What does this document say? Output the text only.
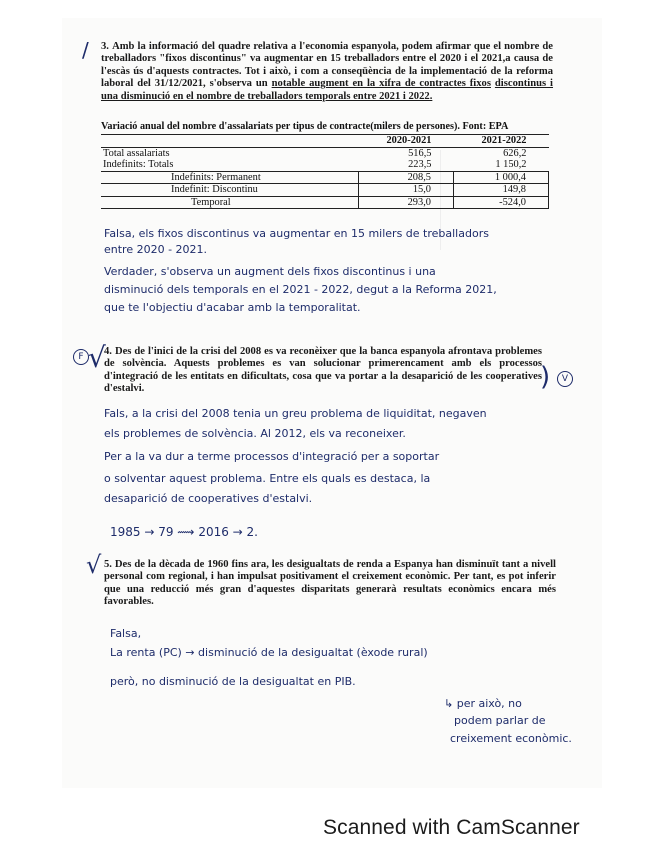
/ 3. Amb la informació del quadre relativa a l'economia espanyola, podem afirmar que el nombre de treballadors "fixos discontinus" va augmentar en 15 treballadors entre el 2020 i el 2021,a causa de l'escàs ús d'aquests contractes. Tot i això, i com a conseqüència de la implementació de la reforma laboral del 31/12/2021, s'observa un notable augment en la xifra de contractes fixos discontinus i una disminució en el nombre de treballadors temporals entre 2021 i 2022.
Variació anual del nombre d'assalariats per tipus de contracte(milers de persones). Font: EPA
	2020-2021	2021-2022
Total assalariats	516,5	626,2
Indefinits: Totals	223,5	1 150,2
Indefinits: Permanent	208,5	1 000,4
Indefinit: Discontinu	15,0	149,8
Temporal	293,0	-524,0
Falsa, els fixos discontinus va augmentar en 15 milers de treballadors
entre 2020 - 2021.
Verdader, s'observa un augment dels fixos discontinus i una
disminució dels temporals en el 2021 - 2022, degut a la Reforma 2021,
que te l'objectiu d'acabar amb la temporalitat.
F √
4. Des de l'inici de la crisi del 2008 es va reconèixer que la banca espanyola afrontava problemes de solvència. Aquests problemes es van solucionar primerencament amb els processos d'integració de les entitats en dificultats, cosa que va portar a la desaparició de les cooperatives d'estalvi.	)	V
Fals, a la crisi del 2008 tenia un greu problema de liquiditat, negaven
els problemes de solvència. Al 2012, els va reconeixer.
Per a la va dur a terme processos d'integració per a soportar
o solventar aquest problema. Entre els quals es destaca, la
desaparició de cooperatives d'estalvi.
1985 → 79 ⟿ 2016 → 2.
√ 5. Des de la dècada de 1960 fins ara, les desigualtats de renda a Espanya han disminuït tant a nivell personal com regional, i han impulsat positivament el creixement econòmic. Per tant, es pot inferir que una reducció més gran d'aquestes disparitats generarà resultats econòmics encara més favorables.
Falsa,
La renta (PC) → disminució de la desigualtat (èxode rural)
però, no disminució de la desigualtat en PIB.
↳ per això, no
podem parlar de
creixement econòmic.
Scanned with CamScanner
